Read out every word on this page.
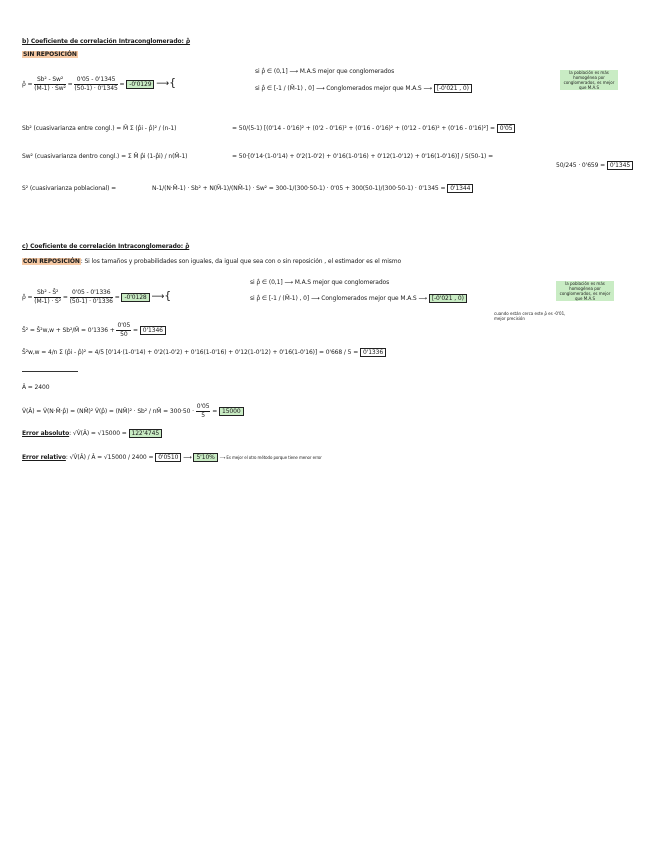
b) Coeficiente de correlación Intraconglomerado: ρ̂
SIN REPOSICIÓN
ρ̂ = $\frac{\text{Sb² - Sw²}}{\text{(M̄-1) · Sw²}} = \frac{0'05 - 0'1345}{(50-1) \cdot 0'1345} = -0'0129$ ⟶{
si ρ̂ ∈ (0,1] ⟶ M.A.S mejor que conglomerados
si ρ̂ ∈ [-1 / (M̄-1) , 0] ⟶ Conglomerados mejor que M.A.S ⟶ [-0'021 , 0)
la población es más homogénea por conglomerados, es mejor que M.A.S
Sb² (cuasivarianza entre congl.) = M̄ Σ (p̂i - p̂)² / (n-1)	= 50/(5-1) [(0'14 - 0'16)² + (0'2 - 0'16)² + (0'16 - 0'16)² + (0'12 - 0'16)² + (0'16 - 0'16)²] = 0'05
Sw² (cuasivarianza dentro congl.) = Σ M̄ p̂i (1-p̂i) / n(M̄-1)	= 50·[0'14·(1-0'14) + 0'2(1-0'2) + 0'16(1-0'16) + 0'12(1-0'12) + 0'16(1-0'16)] / 5(50-1) =
50/245 · 0'659 = 0'1345
S² (cuasivarianza poblacional) =	N-1/(N·M̄-1) · Sb² + N(M̄-1)/(NM̄-1) · Sw² = 300-1/(300·50-1) · 0'05 + 300(50-1)/(300·50-1) · 0'1345 = 0'1344
c) Coeficiente de correlación Intraconglomerado: ρ̂
CON REPOSICIÓN: Si los tamaños y probabilidades son iguales, da igual que sea con o sin reposición , el estimador es el mismo
ρ̂ = $\frac{\text{Sb² - Ŝ²}}{\text{(M̄-1) · Ŝ²}} = \frac{0'05 - 0'1336}{(50-1) \cdot 0'1336} = -0'0128$ ⟶{
si ρ̂ ∈ (0,1] ⟶ M.A.S mejor que conglomerados
si ρ̂ ∈ [-1 / (M̄-1) , 0] ⟶ Conglomerados mejor que M.A.S ⟶ [-0'021 , 0)
la población es más homogénea por conglomerados, es mejor que M.A.S
cuando están cerca este ρ̂ es -0'01, mejor precisión
Ŝ² = Ŝ²w,w + Sb²/M̄ = $0'1336 + \frac{0'05}{50} = 0'1346$
Ŝ²w,w = 4/n Σ (p̂i - p̂)² = 4/5 [0'14·(1-0'14) + 0'2(1-0'2) + 0'16(1-0'16) + 0'12(1-0'12) + 0'16(1-0'16)] = 0'668 / 5 = 0'1336
Â = 2400
V̂(Â) = V̂(N·M̄·p̂) = (NM̄)² V̂(p̂) = (NM̄)² · Sb² / nM̄ = $300\cdot 50 \cdot \frac{0'05}{5} = 15000$
Error absoluto: √V̂(Â) = √15000 = 122'4745
Error relativo: √V̂(Â) / Â = √15000 / 2400 = 0'0510 ⟶ 5'10% ⟶ Es mejor el otro método porque tiene menor error
